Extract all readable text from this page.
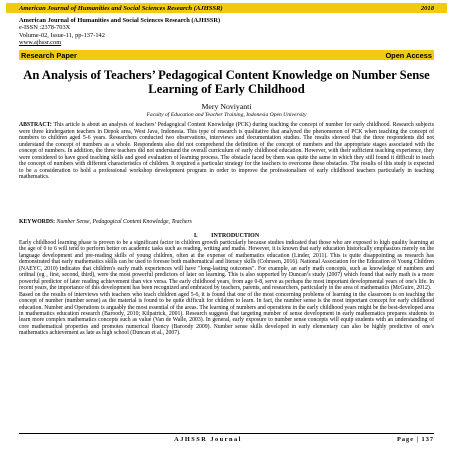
American Journal of Humanities and Social Sciences Research (AJHSSR)	2018
American Journal of Humanities and Social Sciences Research (AJHSSR)
e-ISSN :2378-703X
Volume-02, Issue-11, pp-137-142
www.ajhssr.com
Research Paper	Open Access
An Analysis of Teachers’ Pedagogical Content Knowledge on Number Sense Learning of Early Childhood
Mery Noviyanti
Faculty of Education and Teacher Training, Indonesia Open University
ABSTRACT: This article is about an analysis of teachers’ Pedagogical Content Knowledge (PCK) during teaching the concept of number for early childhood. Research subjects were three kindergarten teachers in Depok area, West Java, Indonesia. This type of research is qualitative that analyzed the phenomenon of PCK when teaching the concept of numbers to children aged 5-6 years. Researchers conducted two observations, interviews and documentation studies. The results showed that the three respondents did not understand the concept of numbers as a whole. Respondents also did not comprehend the definition of the concept of numbers and the appropriate stages associated with the concept of numbers. In addition, the three teachers did not understand the overall curriculum of early childhood education. However, with their sufficient teaching experience, they were considered to have good teaching skills and good evaluation of learning process. The obstacle faced by them was quite the same in which they still found it difficult to teach the concept of numbers with different characteristics of children. It required a particular strategy for the teachers to overcome these obstacles. The results of this study is expected to be a consideration to hold a professional workshop development program in order to improve the professionalism of early childhood teachers particularly in teaching mathematics.
KEYWORDS: Number Sense, Pedagogical Content Knowledge, Teachers
I. INTRODUCTION

Early childhood learning phase is proven to be a significant factor in children growth particularly because studies indicated that those who are exposed to high quality learning at the age of 0 to 6 will tend to perform better on academic tasks such as reading, writing and maths. However, it is known that early education historically emphasizes merely on the language development and pre-reading skills of young children, often at the expense of mathematics education (Linder, 2011). This is quite disappointing as research has demonstrated that early mathematics skills can be used to foresee both mathematical and literacy skills (Cohrssen, 2016). National Association for the Education of Young Children (NAEYC, 2010) indicates that children's early math experiences will have "long-lasting outcomes". For example, an early math concepts, such as knowledge of numbers and ordinal (eg , first, second, third), were the most powerful predictors of later on learning. This is also supported by Duncan’s study (2007) which found that early math is a more powerful predictor of later reading achievement than vice versa. The early childhood years, from age 0-8, serve as perhaps the most important developmental years of one's life. In recent years, the importance of this development has been recognized and embraced by teachers, parents, and researchers, particularly in the area of mathematics (McGuire, 2012).

Based on the results of interviews with teachers who teach children aged 5-6, it is found that one of the most concerning problems of learning in the classroom is on teaching the concept of number (number sense) as the material is found to be quite difficult for children to learn. In fact, the number sense is the most important concept for early childhood education. Number and Operations is arguably the most essential of the areas. The learning of numbers and operations in the early childhood years might be the best-developed area in mathematics education research (Baroody, 2010; Kilpatrick, 2001). Research suggests that targeting number of sense development in early mathematics prepares students to learn more complex mathematics concepts such as value (Van de Walle, 2003). In general, early exposure to number sense concepts will equip students with an understanding of core mathematical properties and promotes numerical fluency (Baroody 2009). Number sense skills developed in early elementary can also be highly predictive of one's mathematics achievement as late as high school (Duncan et al., 2007).

AJHSSR Journal	Page | 137
